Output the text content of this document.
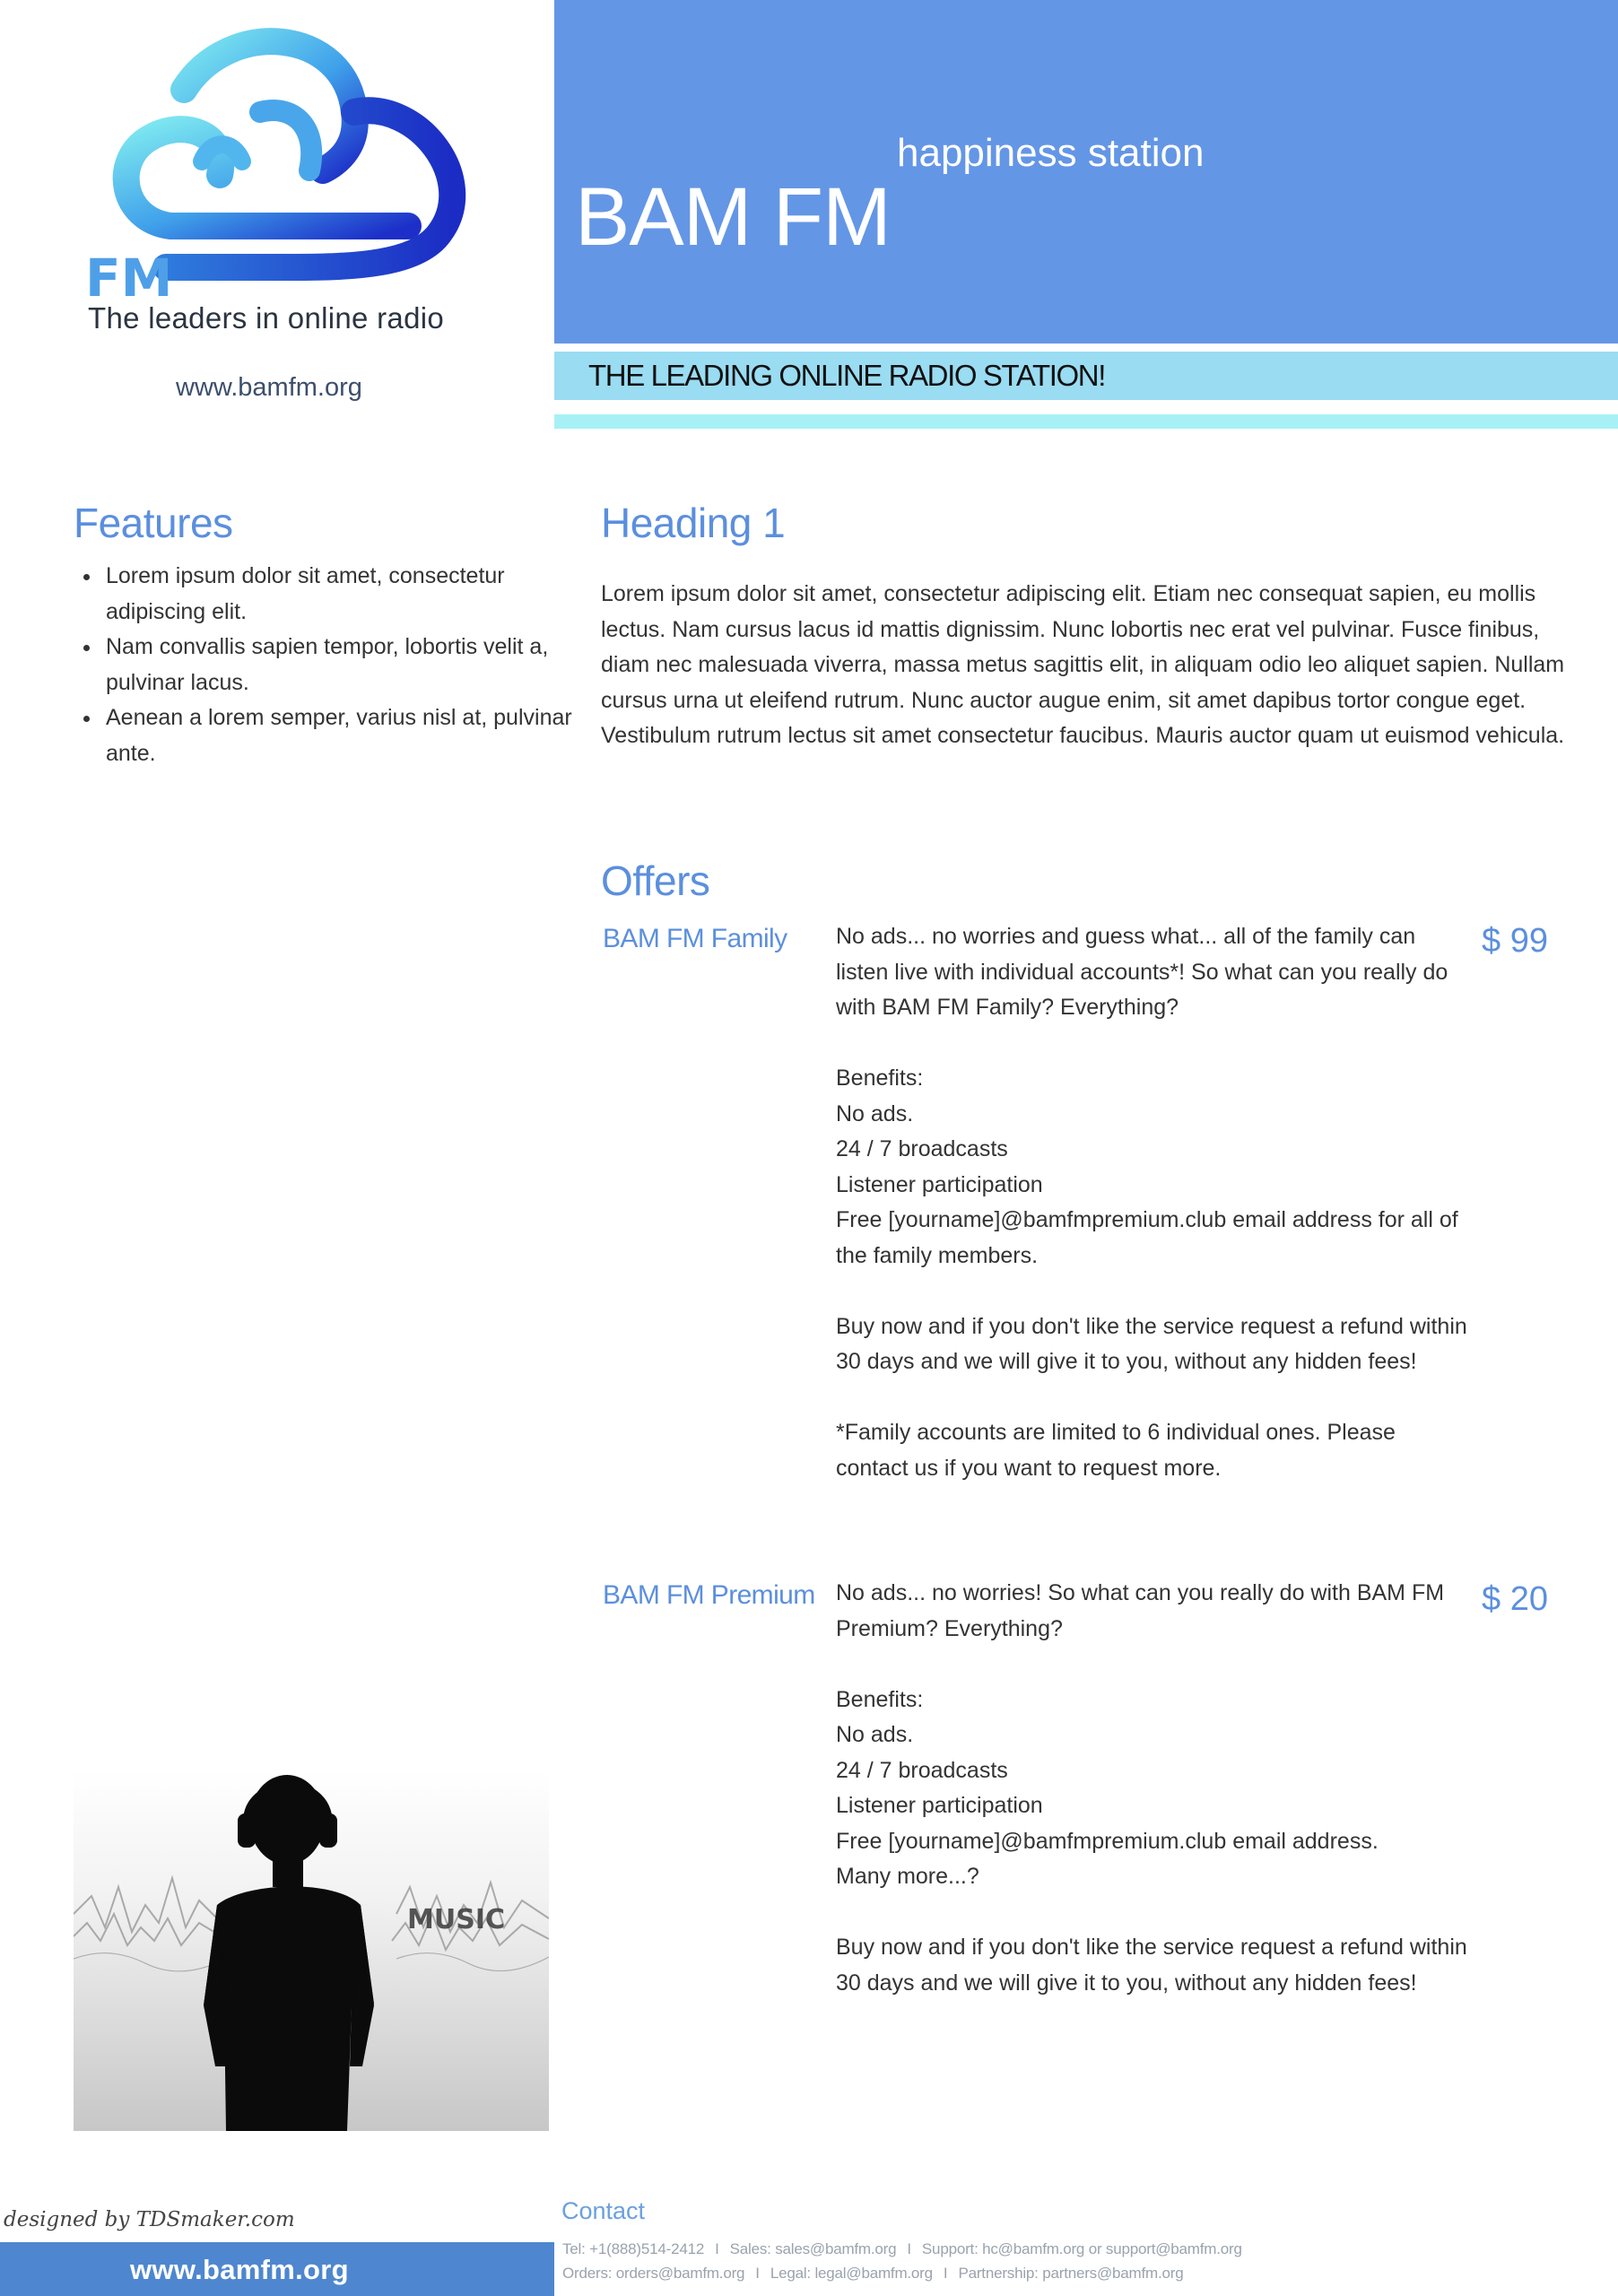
happiness station
BAM FM
THE LEADING ONLINE RADIO STATION!
FM
The leaders in online radio
www.bamfm.org
Features
• Lorem ipsum dolor sit amet, consectetur adipiscing elit.
• Nam convallis sapien tempor, lobortis velit a, pulvinar lacus.
• Aenean a lorem semper, varius nisl at, pulvinar ante.
Heading 1

Lorem ipsum dolor sit amet, consectetur adipiscing elit. Etiam nec consequat sapien, eu mollis lectus. Nam cursus lacus id mattis dignissim. Nunc lobortis nec erat vel pulvinar. Fusce finibus, diam nec malesuada viverra, massa metus sagittis elit, in aliquam odio leo aliquet sapien. Nullam cursus urna ut eleifend rutrum. Nunc auctor augue enim, sit amet dapibus tortor congue eget. Vestibulum rutrum lectus sit amet consectetur faucibus. Mauris auctor quam ut euismod vehicula.

Offers
BAM FM Family No ads... no worries and guess what... all of the family can listen live with individual accounts*! So what can you really do with BAM FM Family? Everything?

Benefits:
No ads.
24 / 7 broadcasts
Listener participation
Free [yourname]@bamfmpremium.club email address for all of the family members.

Buy now and if you don't like the service request a refund within 30 days and we will give it to you, without any hidden fees!

*Family accounts are limited to 6 individual ones. Please contact us if you want to request more.

$ 99
BAM FM Premium No ads... no worries! So what can you really do with BAM FM Premium? Everything?

Benefits:
No ads.
24 / 7 broadcasts
Listener participation
Free [yourname]@bamfmpremium.club email address.
Many more...?

Buy now and if you don't like the service request a refund within 30 days and we will give it to you, without any hidden fees!

$ 20
MUSIC
designed by TDSmaker.com
www.bamfm.org
Contact
Tel: +1(888)514-2412 I Sales: sales@bamfm.org I Support: hc@bamfm.org or support@bamfm.org
Orders: orders@bamfm.org I Legal: legal@bamfm.org I Partnership: partners@bamfm.org
